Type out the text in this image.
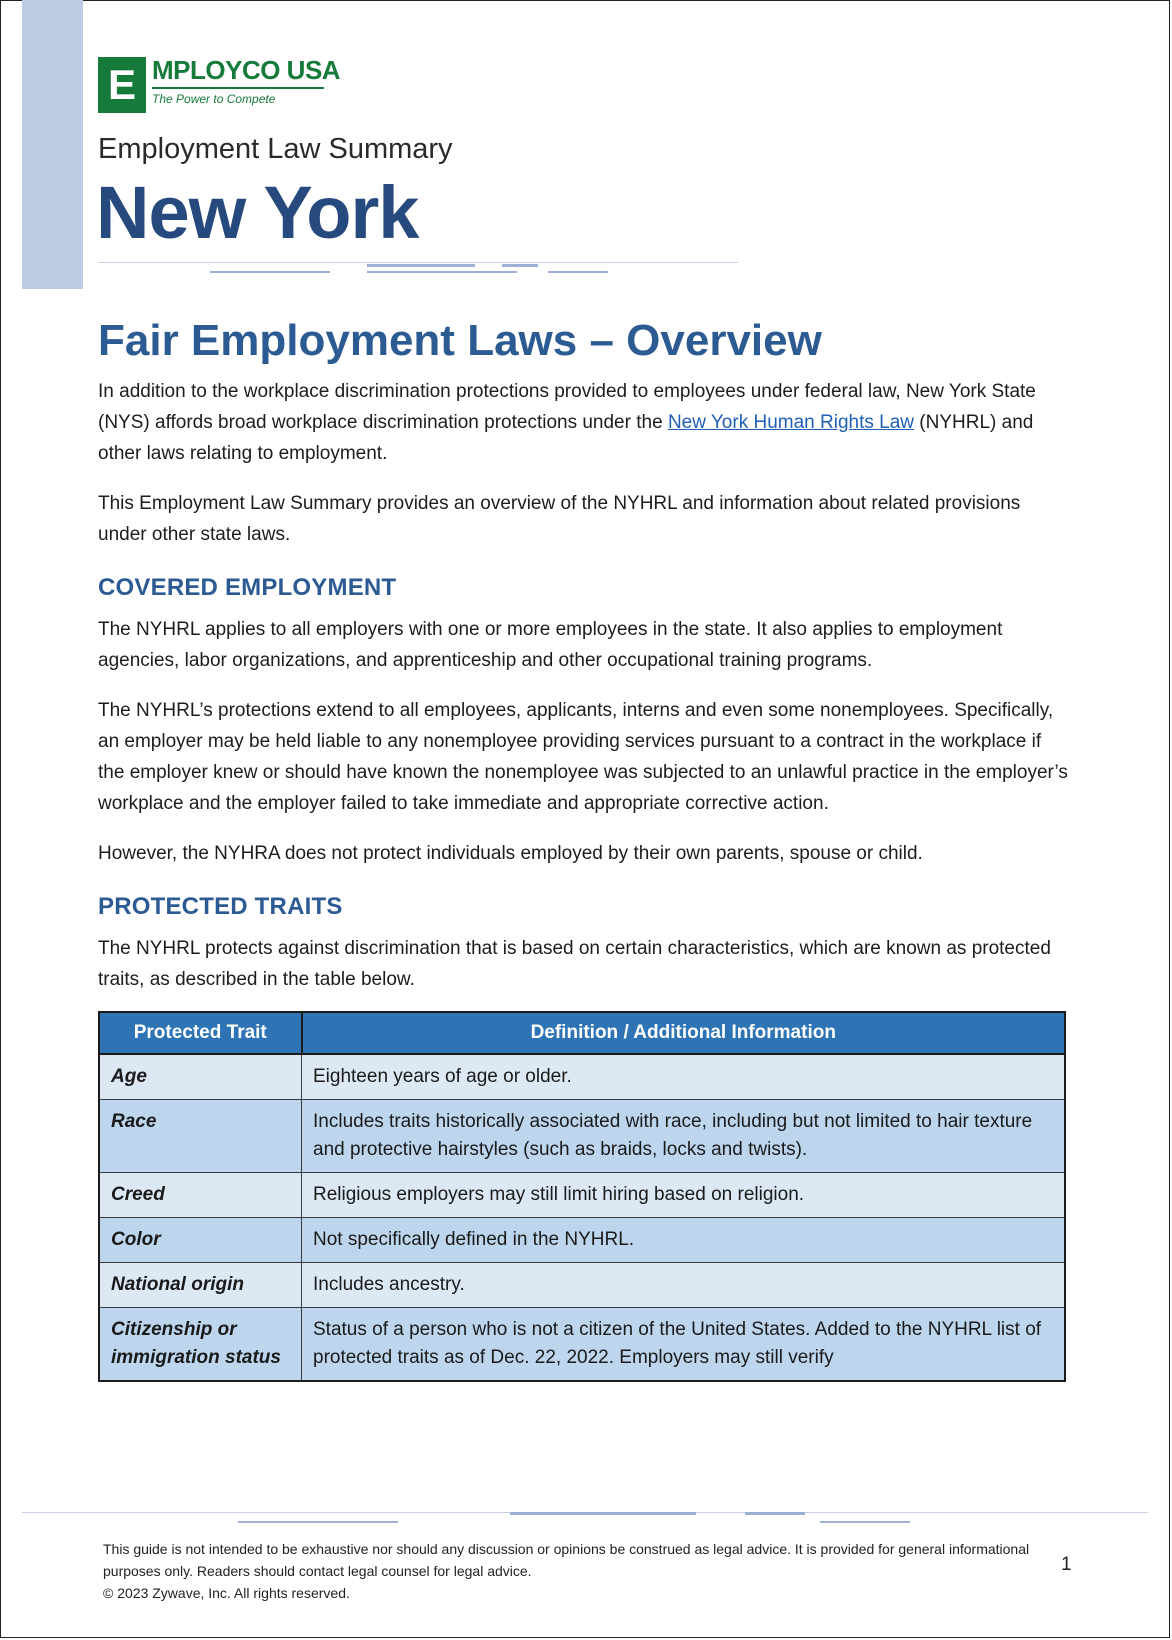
E MPLOYCO USA
The Power to Compete
Employment Law Summary
New York
Fair Employment Laws – Overview

In addition to the workplace discrimination protections provided to employees under federal law, New York State (NYS) affords broad workplace discrimination protections under the New York Human Rights Law (NYHRL) and other laws relating to employment.

This Employment Law Summary provides an overview of the NYHRL and information about related provisions under other state laws.

COVERED EMPLOYMENT

The NYHRL applies to all employers with one or more employees in the state. It also applies to employment agencies, labor organizations, and apprenticeship and other occupational training programs.

The NYHRL’s protections extend to all employees, applicants, interns and even some nonemployees. Specifically, an employer may be held liable to any nonemployee providing services pursuant to a contract in the workplace if the employer knew or should have known the nonemployee was subjected to an unlawful practice in the employer’s workplace and the employer failed to take immediate and appropriate corrective action.

However, the NYHRA does not protect individuals employed by their own parents, spouse or child.

PROTECTED TRAITS

The NYHRL protects against discrimination that is based on certain characteristics, which are known as protected traits, as described in the table below.

Protected Trait	Definition / Additional Information
Age	Eighteen years of age or older.
Race	Includes traits historically associated with race, including but not limited to hair texture and protective hairstyles (such as braids, locks and twists).
Creed	Religious employers may still limit hiring based on religion.
Color	Not specifically defined in the NYHRL.
National origin	Includes ancestry.
Citizenship or immigration status	Status of a person who is not a citizen of the United States. Added to the NYHRL list of protected traits as of Dec. 22, 2022. Employers may still verify
This guide is not intended to be exhaustive nor should any discussion or opinions be construed as legal advice. It is provided for general informational purposes only. Readers should contact legal counsel for legal advice.
© 2023 Zywave, Inc. All rights reserved.
1
